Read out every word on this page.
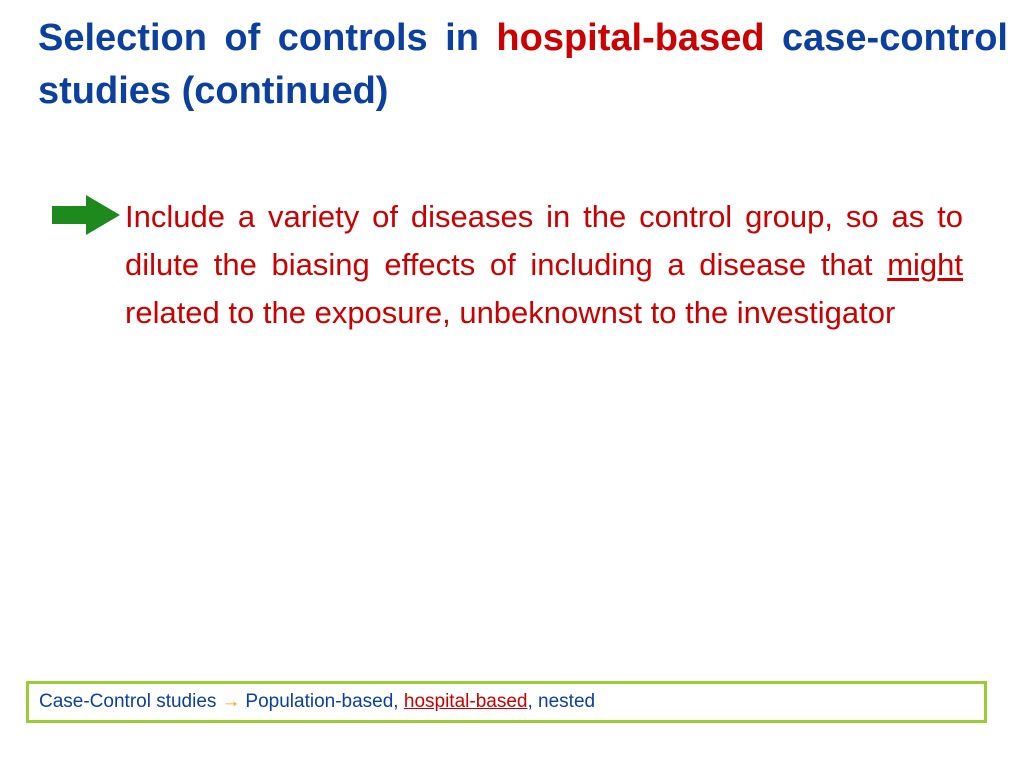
Selection of controls in hospital-based case-control studies (continued)

Include a variety of diseases in the control group, so as to dilute the biasing effects of including a disease that might related to the exposure, unbeknownst to the investigator

Case-Control studies → Population-based,
hospital-based ,
nested
